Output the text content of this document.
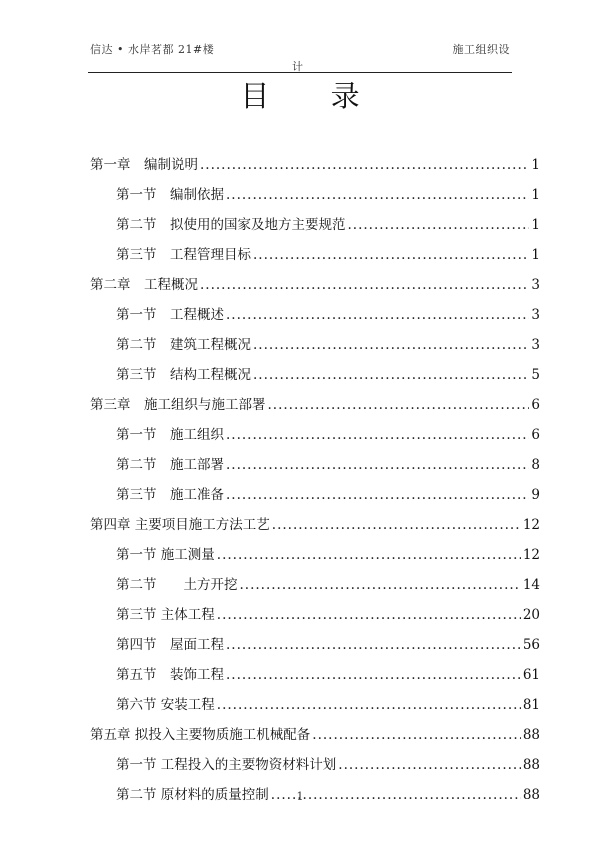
信达 • 水岸茗都 21#楼	施工组织设
计
目 录
第一章　编制说明 .....	1
第一节　编制依据 .....	1
第二节　拟使用的国家及地方主要规范 .....	1
第三节　工程管理目标 .....	1
第二章　工程概况 .....	3
第一节　工程概述 .....	3
第二节　建筑工程概况 .....	3
第三节　结构工程概况 .....	5
第三章　施工组织与施工部署 .....	6
第一节　施工组织 .....	6
第二节　施工部署 .....	8
第三节　施工准备 .....	9
第四章 主要项目施工方法工艺 .....	12
第一节 施工测量 .....	12
第二节　　土方开挖 .....	14
第三节 主体工程 .....	20
第四节　屋面工程 .....	56
第五节　装饰工程 .....	61
第六节 安装工程 .....	81
第五章 拟投入主要物质施工机械配备 .....	88
第一节 工程投入的主要物资材料计划 .....	88
第二节 原材料的质量控制 .....	88
1
